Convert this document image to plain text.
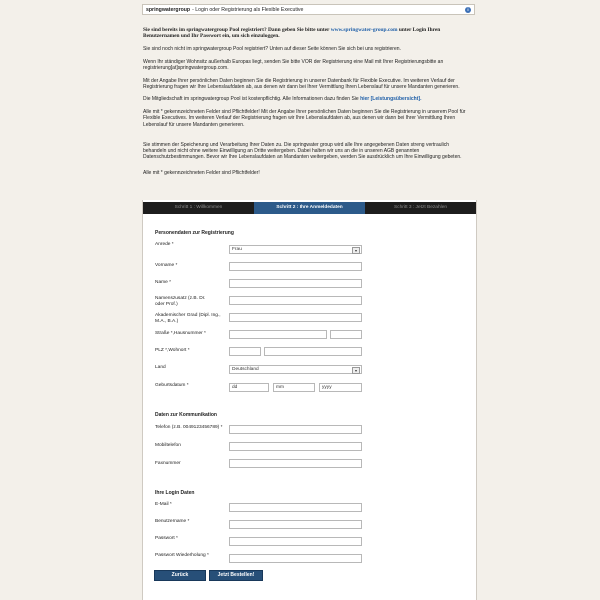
springwatergroup - Login oder Registrierung als Flexible Executive	i

Sie sind bereits im springwatergroup Pool registriert? Dann geben Sie bitte unter www.springwater-group.com unter Login Ihren Benutzernamen und Ihr Passwort ein, um sich einzuloggen.

Sie sind noch nicht im springwatergroup Pool registriert? Unten auf dieser Seite können Sie sich bei uns registrieren.

Wenn Ihr ständiger Wohnsitz außerhalb Europas liegt, senden Sie bitte VOR der Registrierung eine Mail mit Ihrer Registrierungsbitte an registrierung[at]springwatergroup.com.

Mit der Angabe Ihrer persönlichen Daten beginnen Sie die Registrierung in unserer Datenbank für Flexible Executive. Im weiteren Verlauf der Registrierung fragen wir Ihre Lebenslaufdaten ab, aus denen wir dann bei Ihrer Vermittlung Ihren Lebenslauf für unsere Mandanten generieren.

Die Mitgliedschaft im springwatergroup Pool ist kostenpflichtig. Alle Informationen dazu finden Sie hier [Leistungsübersicht].

Alle mit * gekennzeichneten Felder sind Pflichtfelder! Mit der Angabe Ihrer persönlichen Daten beginnen Sie die Registrierung in unserem Pool für Flexible Executives. Im weiteren Verlauf der Registrierung fragen wir Ihre Lebenslaufdaten ab, aus denen wir dann bei Ihrer Vermittlung Ihren Lebenslauf für unsere Mandanten generieren.

Sie stimmen der Speicherung und Verarbeitung Ihrer Daten zu. Die springwater group wird alle Ihre angegebenen Daten streng vertraulich behandeln und nicht ohne weitere Einwilligung an Dritte weitergeben. Dabei halten wir uns an die in unseren AGB genannten Datenschutzbestimmungen. Bevor wir Ihre Lebenslaufdaten an Mandanten weitergeben, werden Sie ausdrücklich um Ihre Einwilligung gebeten.

Alle mit * gekennzeichneten Felder sind Pflichtfelder!

Schritt 1 : Willkommen	Schritt 2 : Ihre Anmeldedaten	Schritt 3 : Jetzt Bezahlen
Personendaten zur Registrierung
Anrede *
Frau	▾
Vorname *
Name *
Namenszusatz (z.B. Dr. oder Prof.)
Akademischer Grad (Dipl. Ing., M.A., B.A.)
Straße *,Hausnummer *
PLZ *,Wohnort *
Land	Deutschland	▾
Geburtsdatum *	dd	mm	yyyy
Daten zur Kommunikation
Telefon (z.B. 0049123456789) *
Mobiltelefon
Faxnummer
Ihre Login Daten
E-Mail *
Benutzername *
Passwort *
Passwort Wiederholung *
Zurück	Jetzt Bestellen!
